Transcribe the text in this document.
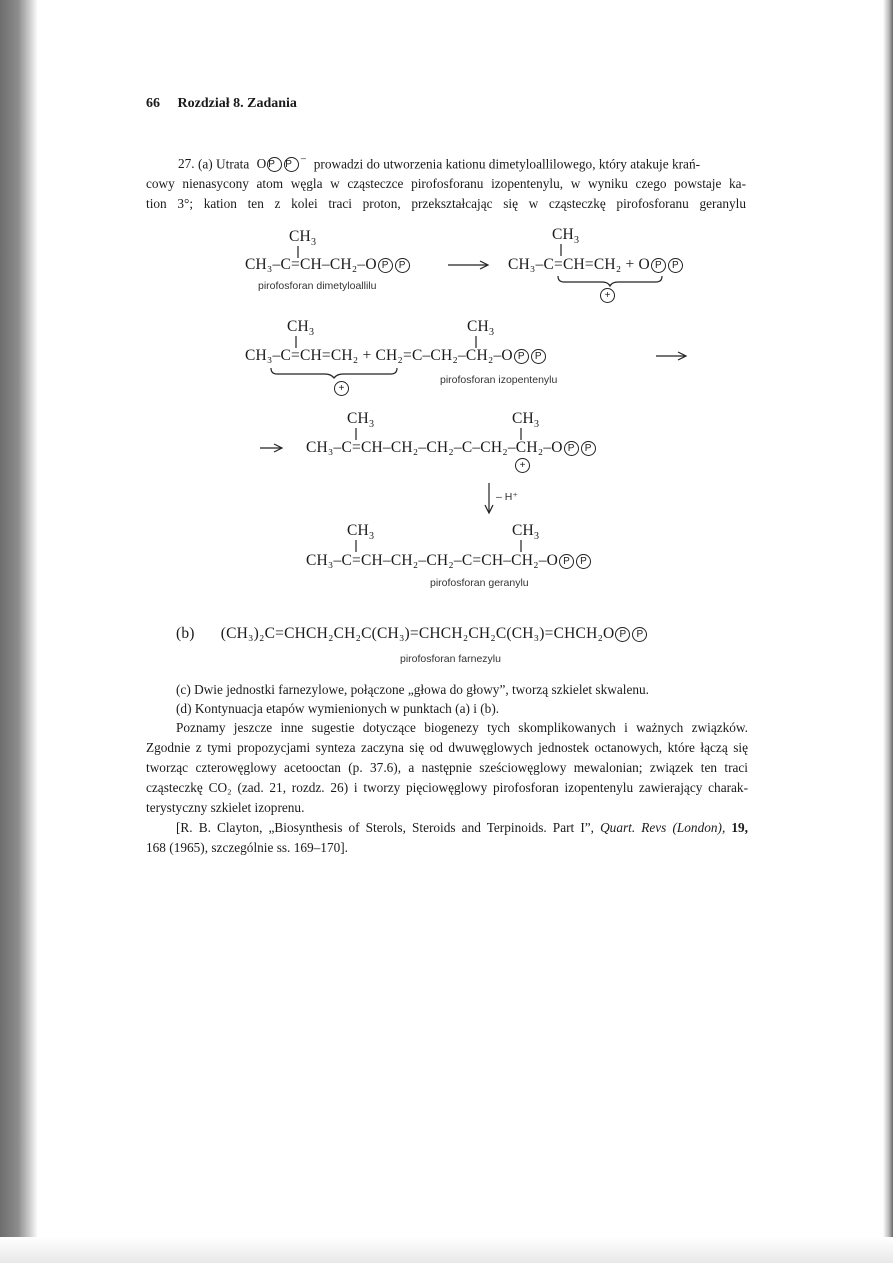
66 Rozdział 8. Zadania
27. (a) Utrata O P P − prowadzi do utworzenia kationu dimetyloallilowego, który atakuje krań-
cowy nienasycony atom węgla w cząsteczce pirofosforanu izopentenylu, w wyniku czego powstaje ka-
tion 3°; kation ten z kolei traci proton, przekształcając się w cząsteczkę pirofosforanu geranylu
$CH_3$
CH₃–C=CH–CH₂–O P P
pirofosforan dimetyloallilu
$CH_3$
CH₃–C=CH=CH₂ + O P P
+
$CH_3$	$CH_3$
CH₃–C=CH=CH₂ + CH₂=C–CH₂–CH₂–O P P
+
pirofosforan izopentenylu
$CH_3$	$CH_3$
CH₃–C=CH–CH₂–CH₂–C–CH₂–CH₂–O P P
+
– H⁺
$CH_3$	$CH_3$
CH₃–C=CH–CH₂–CH₂–C=CH–CH₂–O P P
pirofosforan geranylu
(b) (CH₃)₂C=CHCH₂CH₂C(CH₃)=CHCH₂CH₂C(CH₃)=CHCH₂O P P
pirofosforan farnezylu
(c) Dwie jednostki farnezylowe, połączone „głowa do głowy”, tworzą szkielet skwalenu.
(d) Kontynuacja etapów wymienionych w punktach (a) i (b).
Poznamy jeszcze inne sugestie dotyczące biogenezy tych skomplikowanych i ważnych związków.
Zgodnie z tymi propozycjami synteza zaczyna się od dwuwęglowych jednostek octanowych, które łączą się
tworząc czterowęglowy acetooctan (p. 37.6), a następnie sześciowęglowy mewalonian; związek ten traci
cząsteczkę CO₂ (zad. 21, rozdz. 26) i tworzy pięciowęglowy pirofosforan izopentenylu zawierający charak-
terystyczny szkielet izoprenu.
[R. B. Clayton, „Biosynthesis of Sterols, Steroids and Terpinoids. Part I”, Quart. Revs (London), 19,
168 (1965), szczególnie ss. 169–170].
